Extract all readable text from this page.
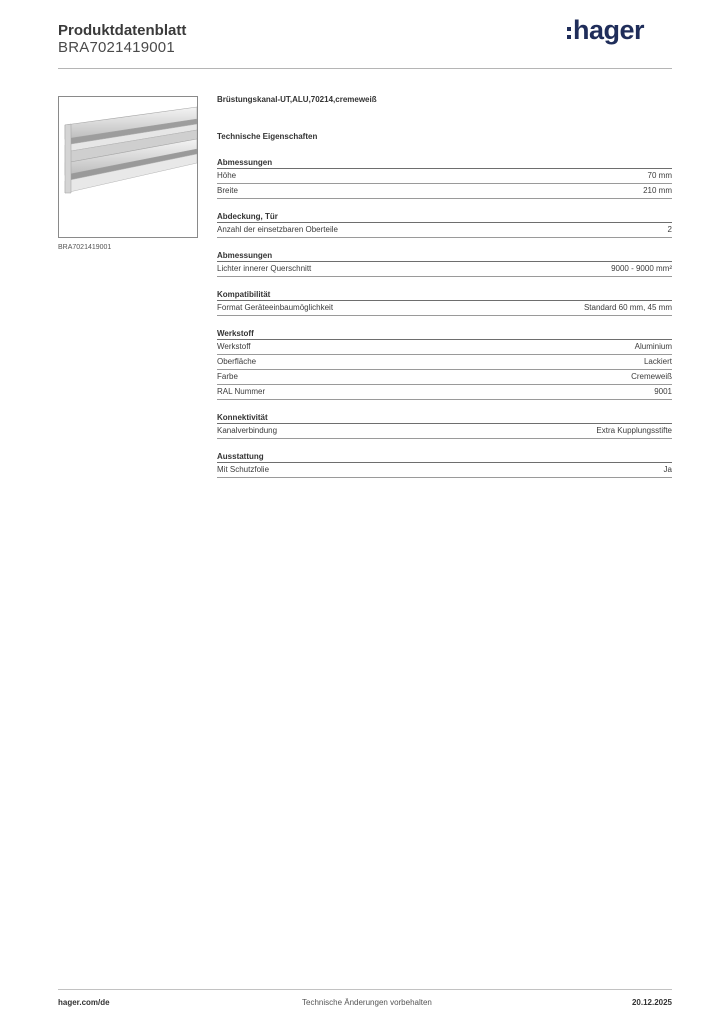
Produktdatenblatt
BRA7021419001
hager
BRA7021419001
Brüstungskanal-UT,ALU,70214,cremeweiß
Technische Eigenschaften
Abmessungen
Höhe	70 mm
Breite	210 mm
Abdeckung, Tür
Anzahl der einsetzbaren Oberteile	2
Abmessungen
Lichter innerer Querschnitt	9000 - 9000 mm²
Kompatibilität
Format Geräteeinbaumöglichkeit	Standard 60 mm, 45 mm
Werkstoff
Werkstoff	Aluminium
Oberfläche	Lackiert
Farbe	Cremeweiß
RAL Nummer	9001
Konnektivität
Kanalverbindung	Extra Kupplungsstifte
Ausstattung
Mit Schutzfolie	Ja
hager.com/de	Technische Änderungen vorbehalten	20.12.2025
